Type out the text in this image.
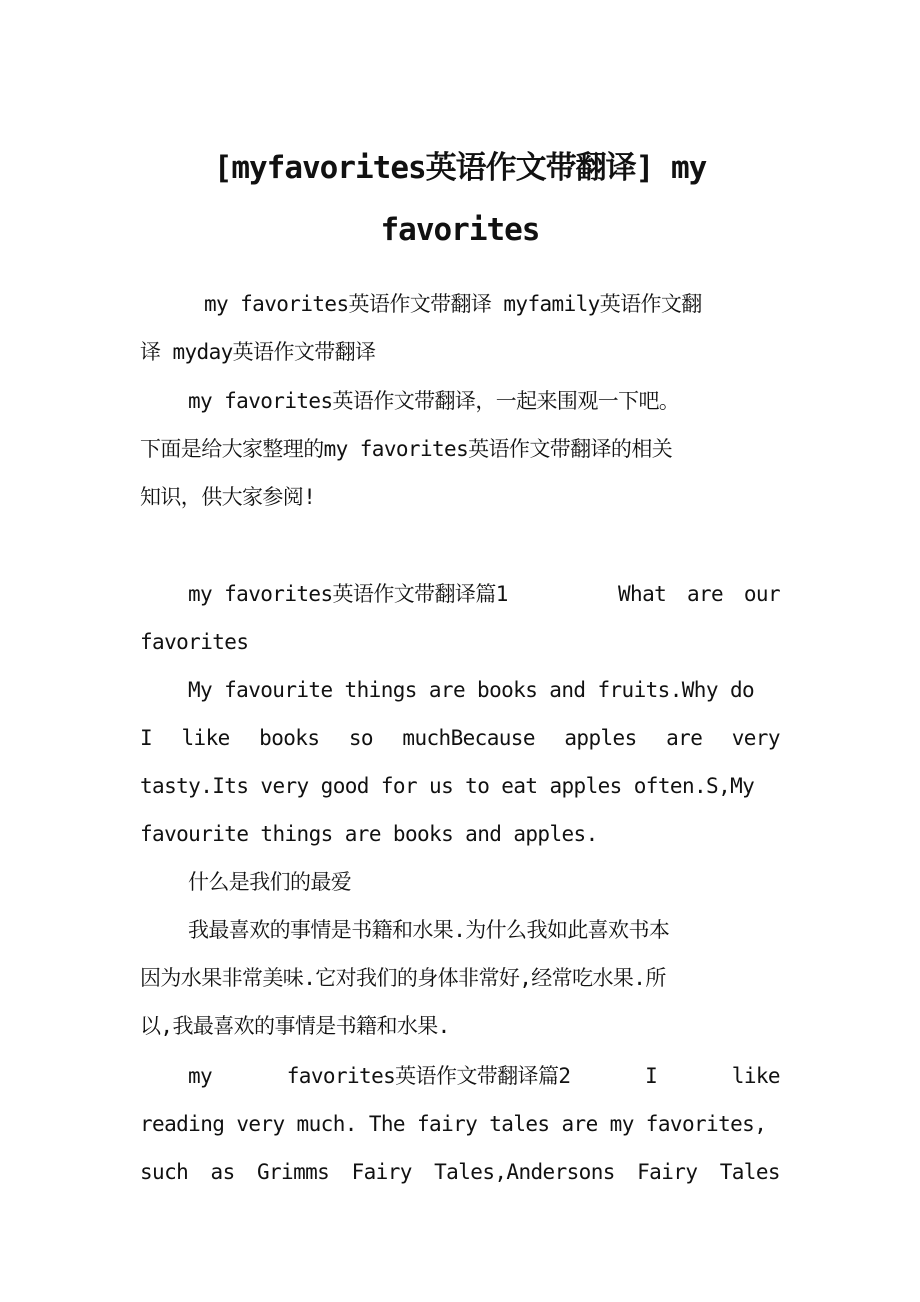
[myfavorites英语作文带翻译] my
favorites
my favorites英语作文带翻译 myfamily英语作文翻
译 myday英语作文带翻译
my favorites英语作文带翻译，一起来围观一下吧。
下面是给大家整理的my favorites英语作文带翻译的相关
知识，供大家参阅!
my favorites英语作文带翻译篇1	What are our
favorites
My favourite things are books and fruits.Why do
I like books so muchBecause apples are very
tasty.Its very good for us to eat apples often.S,My
favourite things are books and apples.
什么是我们的最爱
我最喜欢的事情是书籍和水果.为什么我如此喜欢书本
因为水果非常美味.它对我们的身体非常好,经常吃水果.所
以,我最喜欢的事情是书籍和水果.
my	favorites英语作文带翻译篇2	I	like
reading very much. The fairy tales are my favorites,
such as Grimms Fairy Tales,Andersons Fairy Tales
